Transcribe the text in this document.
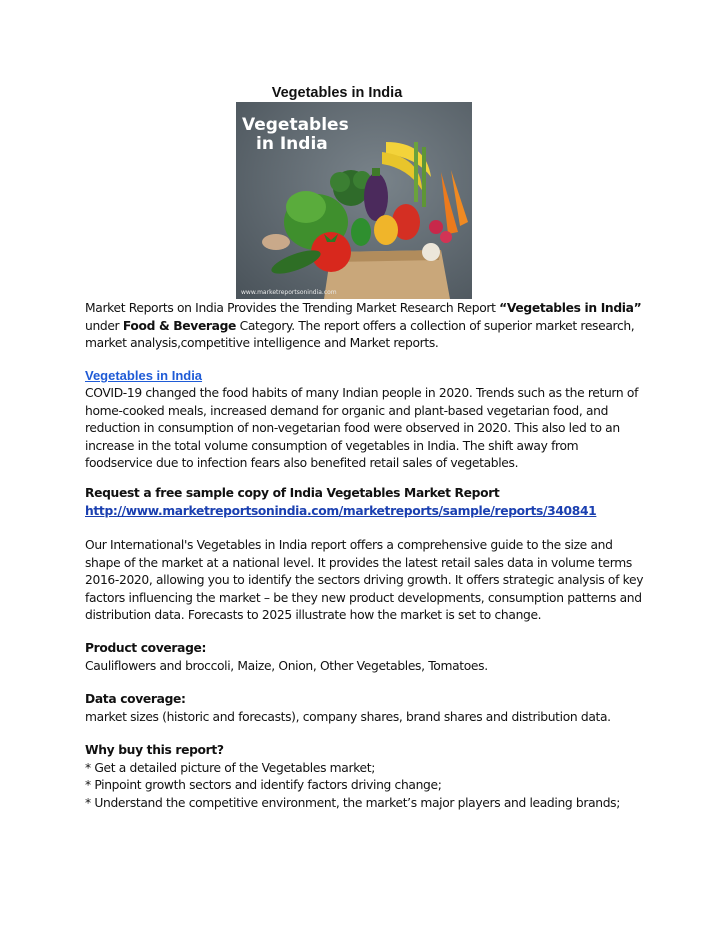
Vegetables in India
Vegetables
in India
www.marketreportsonindia.com

Market Reports on India Provides the Trending Market Research Report “Vegetables in India” under Food & Beverage Category. The report offers a collection of superior market research, market analysis,competitive intelligence and Market reports.

Vegetables in India
COVID-19 changed the food habits of many Indian people in 2020. Trends such as the return of home-cooked meals, increased demand for organic and plant-based vegetarian food, and reduction in consumption of non-vegetarian food were observed in 2020. This also led to an increase in the total volume consumption of vegetables in India. The shift away from foodservice due to infection fears also benefited retail sales of vegetables.

Request a free sample copy of India Vegetables Market Report

http://www.marketreportsonindia.com/marketreports/sample/reports/340841

Our International's Vegetables in India report offers a comprehensive guide to the size and shape of the market at a national level. It provides the latest retail sales data in volume terms 2016-2020, allowing you to identify the sectors driving growth. It offers strategic analysis of key factors influencing the market – be they new product developments, consumption patterns and distribution data. Forecasts to 2025 illustrate how the market is set to change.

Product coverage:

Cauliflowers and broccoli, Maize, Onion, Other Vegetables, Tomatoes.

Data coverage:

market sizes (historic and forecasts), company shares, brand shares and distribution data.

Why buy this report?

* Get a detailed picture of the Vegetables market;

* Pinpoint growth sectors and identify factors driving change;

* Understand the competitive environment, the market’s major players and leading brands;
